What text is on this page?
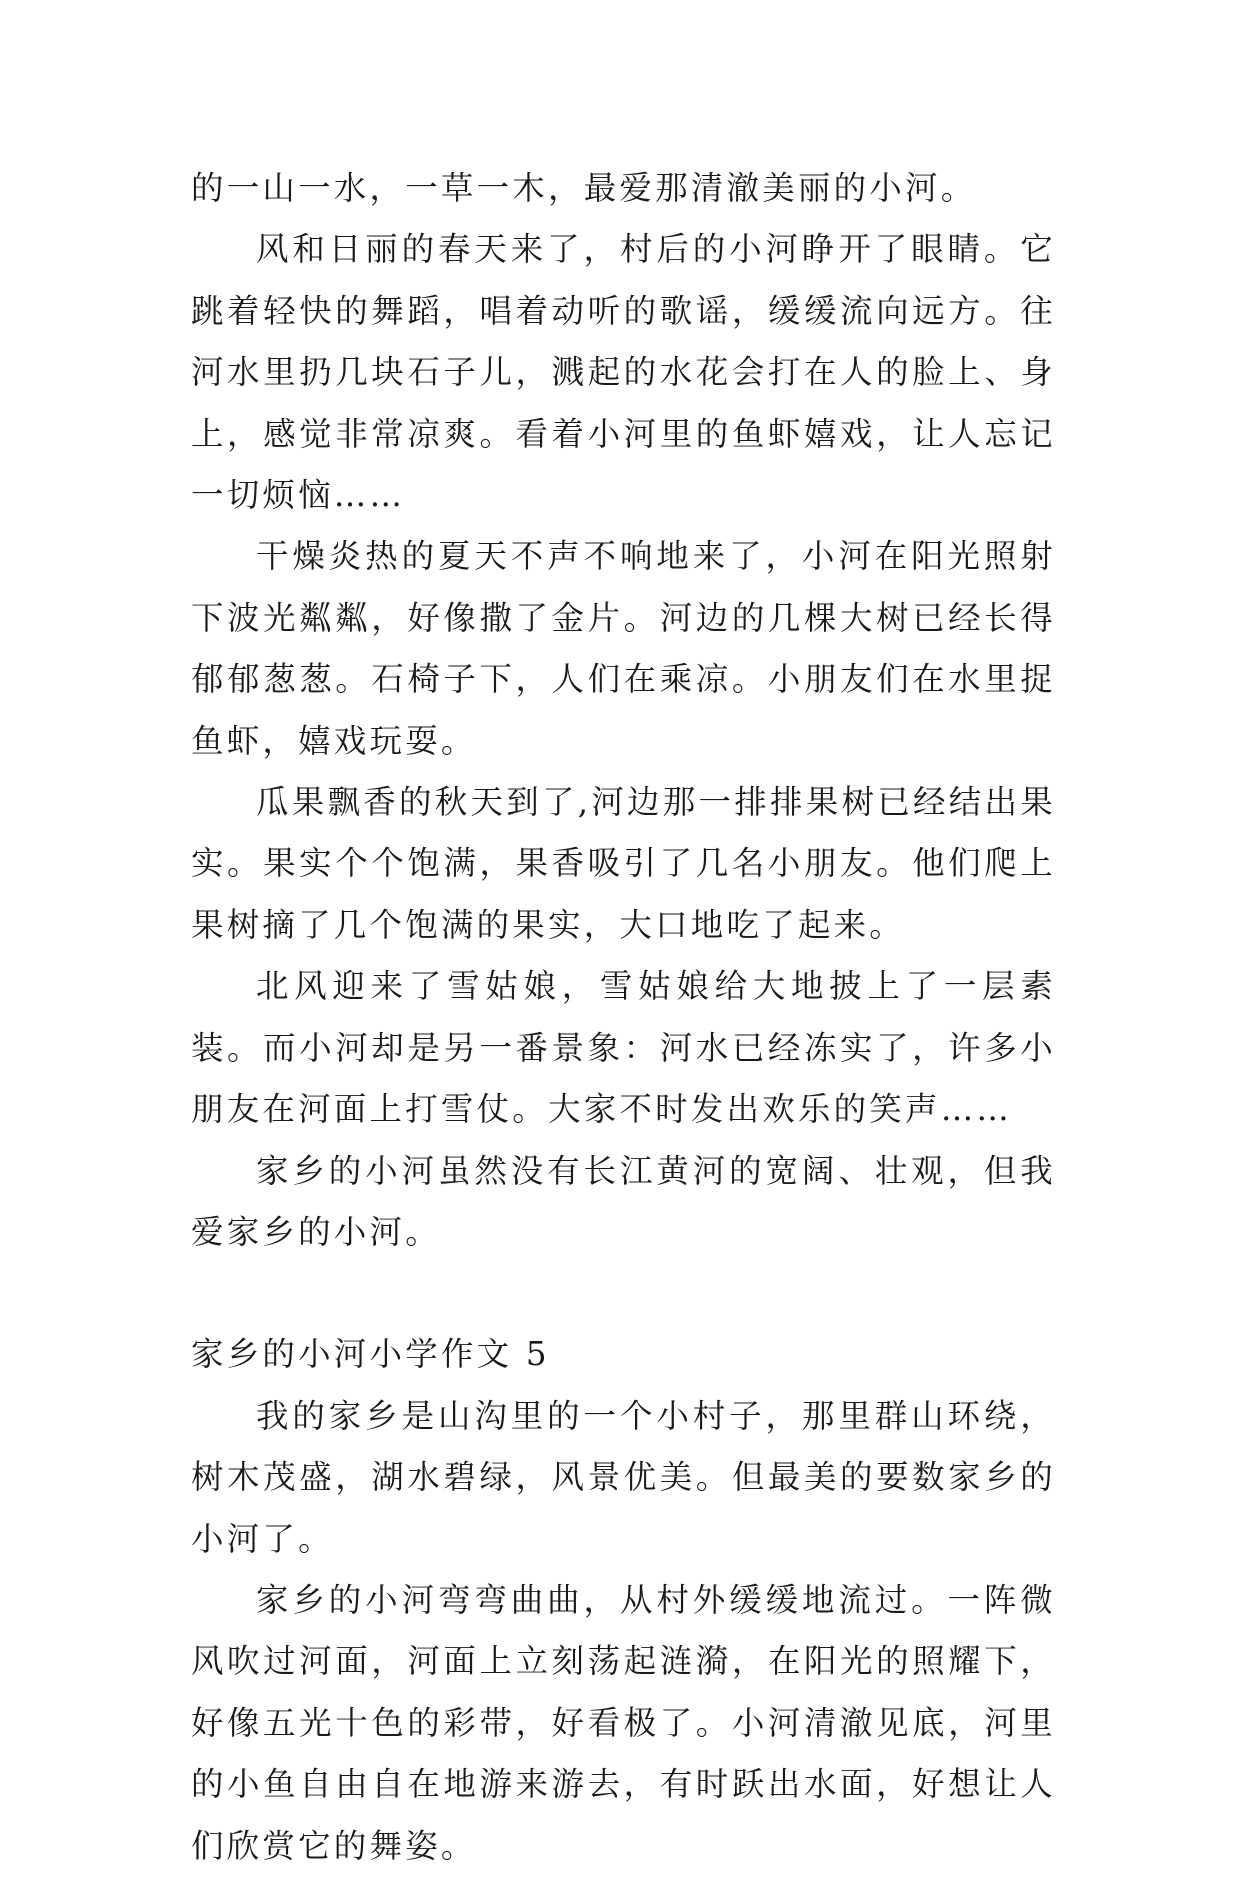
的一山一水，一草一木，最爱那清澈美丽的小河。

风和日丽的春天来了，村后的小河睁开了眼睛。它跳着轻快的舞蹈，唱着动听的歌谣，缓缓流向远方。往河水里扔几块石子儿，溅起的水花会打在人的脸上、身上，感觉非常凉爽。看着小河里的鱼虾嬉戏，让人忘记一切烦恼……

干燥炎热的夏天不声不响地来了，小河在阳光照射下波光粼粼，好像撒了金片。河边的几棵大树已经长得郁郁葱葱。石椅子下，人们在乘凉。小朋友们在水里捉鱼虾，嬉戏玩耍。

瓜果飘香的秋天到了,河边那一排排果树已经结出果实。果实个个饱满，果香吸引了几名小朋友。他们爬上果树摘了几个饱满的果实，大口地吃了起来。

北风迎来了雪姑娘，雪姑娘给大地披上了一层素装。而小河却是另一番景象：河水已经冻实了，许多小朋友在河面上打雪仗。大家不时发出欢乐的笑声……

家乡的小河虽然没有长江黄河的宽阔、壮观，但我爱家乡的小河。

家乡的小河小学作文 5

我的家乡是山沟里的一个小村子，那里群山环绕，树木茂盛，湖水碧绿，风景优美。但最美的要数家乡的小河了。

家乡的小河弯弯曲曲，从村外缓缓地流过。一阵微风吹过河面，河面上立刻荡起涟漪，在阳光的照耀下，好像五光十色的彩带，好看极了。小河清澈见底，河里的小鱼自由自在地游来游去，有时跃出水面，好想让人们欣赏它的舞姿。
